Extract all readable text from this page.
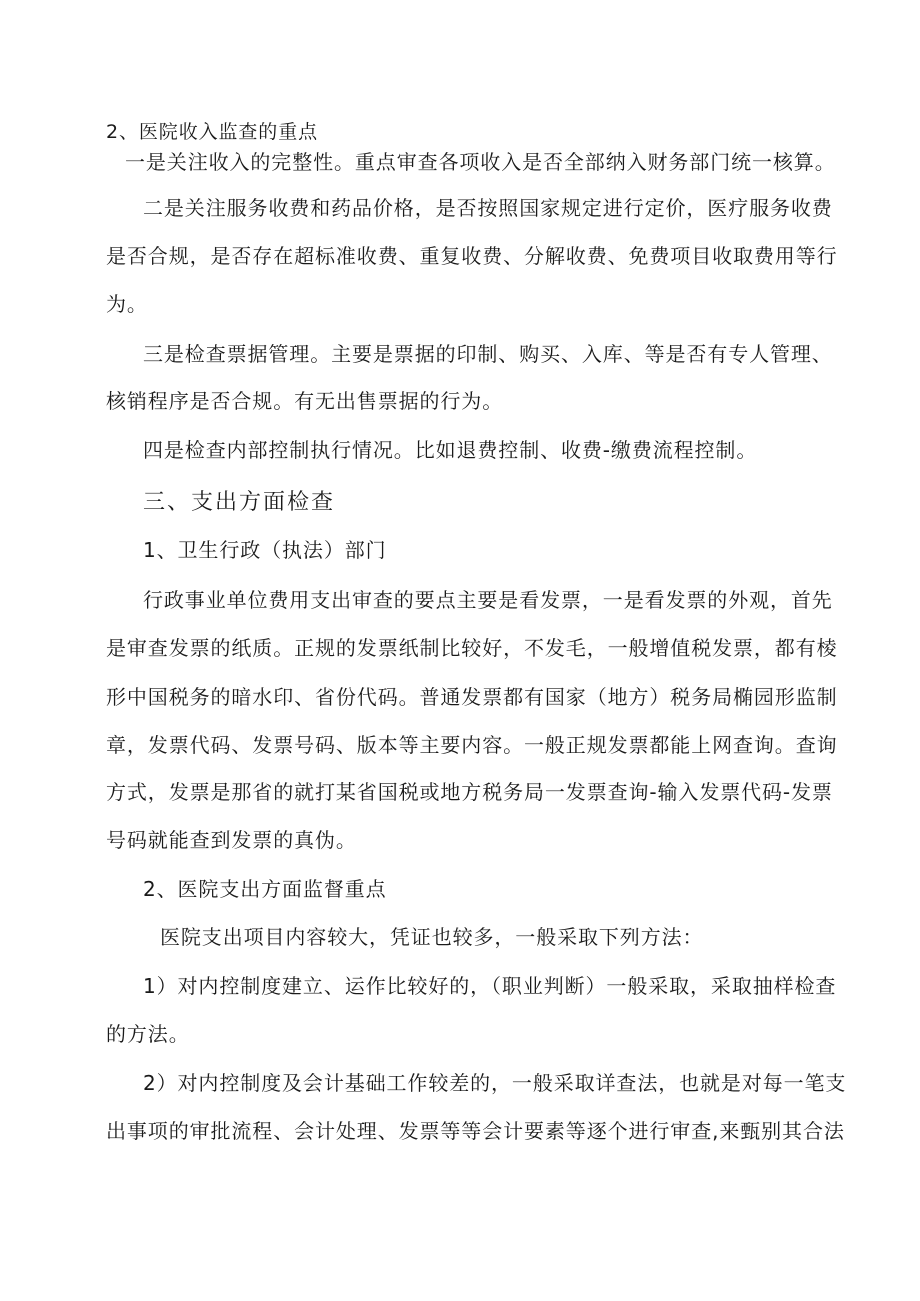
2、医院收入监查的重点
一是关注收入的完整性。重点审查各项收入是否全部纳入财务部门统一核算。
二是关注服务收费和药品价格，是否按照国家规定进行定价，医疗服务收费
是否合规，是否存在超标准收费、重复收费、分解收费、免费项目收取费用等行
为。
三是检查票据管理。主要是票据的印制、购买、入库、等是否有专人管理、
核销程序是否合规。有无出售票据的行为。
四是检查内部控制执行情况。比如退费控制、收费-缴费流程控制。
三、支出方面检查
1、卫生行政（执法）部门
行政事业单位费用支出审查的要点主要是看发票，一是看发票的外观，首先
是审查发票的纸质。正规的发票纸制比较好，不发毛，一般增值税发票，都有棱
形中国税务的暗水印、省份代码。普通发票都有国家（地方）税务局椭园形监制
章，发票代码、发票号码、版本等主要内容。一般正规发票都能上网查询。查询
方式，发票是那省的就打某省国税或地方税务局一发票查询-输入发票代码-发票
号码就能查到发票的真伪。
2、医院支出方面监督重点
医院支出项目内容较大，凭证也较多，一般采取下列方法：
1）对内控制度建立、运作比较好的，（职业判断）一般采取，采取抽样检查
的方法。
2）对内控制度及会计基础工作较差的，一般采取详查法，也就是对每一笔支
出事项的审批流程、会计处理、发票等等会计要素等逐个进行审查,来甄别其合法
